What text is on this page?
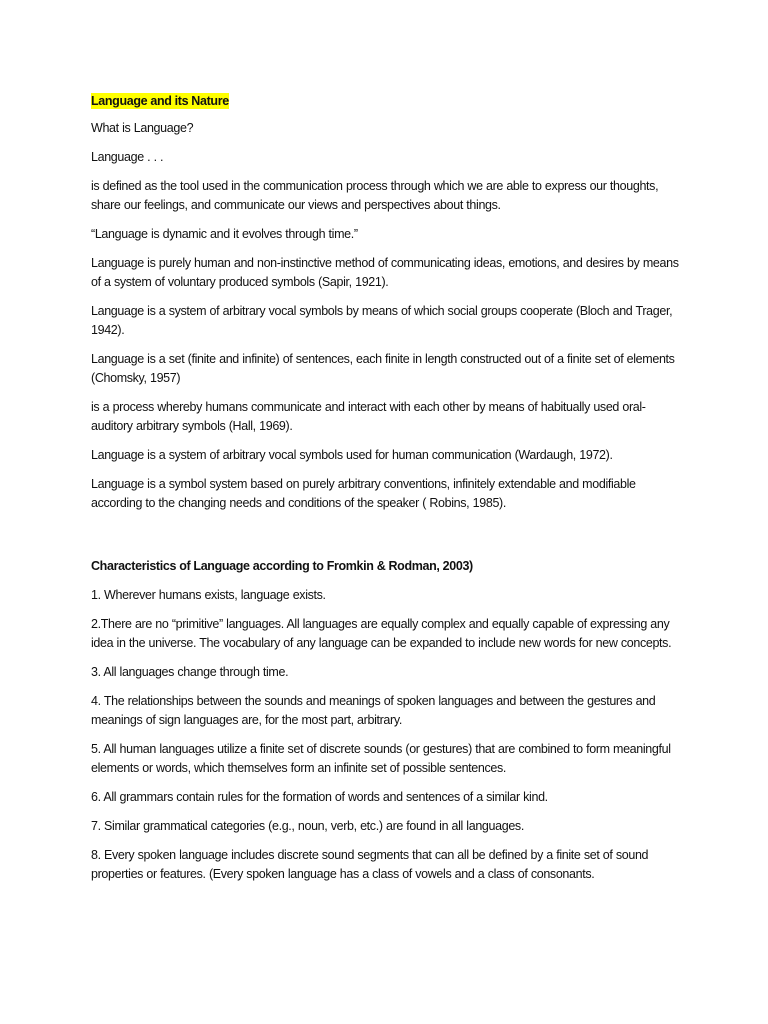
Language and its Nature

What is Language?

Language . . .

is defined as the tool used in the communication process through which we are able to express our thoughts, share our feelings, and communicate our views and perspectives about things.

“Language is dynamic and it evolves through time.”

Language is purely human and non-instinctive method of communicating ideas, emotions, and desires by means of a system of voluntary produced symbols (Sapir, 1921).

Language is a system of arbitrary vocal symbols by means of which social groups cooperate (Bloch and Trager, 1942).

Language is a set (finite and infinite) of sentences, each finite in length constructed out of a finite set of elements (Chomsky, 1957)

is a process whereby humans communicate and interact with each other by means of habitually used oral-auditory arbitrary symbols (Hall, 1969).

Language is a system of arbitrary vocal symbols used for human communication (Wardaugh, 1972).

Language is a symbol system based on purely arbitrary conventions, infinitely extendable and modifiable according to the changing needs and conditions of the speaker ( Robins, 1985).

Characteristics of Language according to Fromkin & Rodman, 2003)

1. Wherever humans exists, language exists.

2.There are no “primitive” languages. All languages are equally complex and equally capable of expressing any idea in the universe. The vocabulary of any language can be expanded to include new words for new concepts.

3. All languages change through time.

4. The relationships between the sounds and meanings of spoken languages and between the gestures and meanings of sign languages are, for the most part, arbitrary.

5. All human languages utilize a finite set of discrete sounds (or gestures) that are combined to form meaningful elements or words, which themselves form an infinite set of possible sentences.

6. All grammars contain rules for the formation of words and sentences of a similar kind.

7. Similar grammatical categories (e.g., noun, verb, etc.) are found in all languages.

8. Every spoken language includes discrete sound segments that can all be defined by a finite set of sound properties or features. (Every spoken language has a class of vowels and a class of consonants.
